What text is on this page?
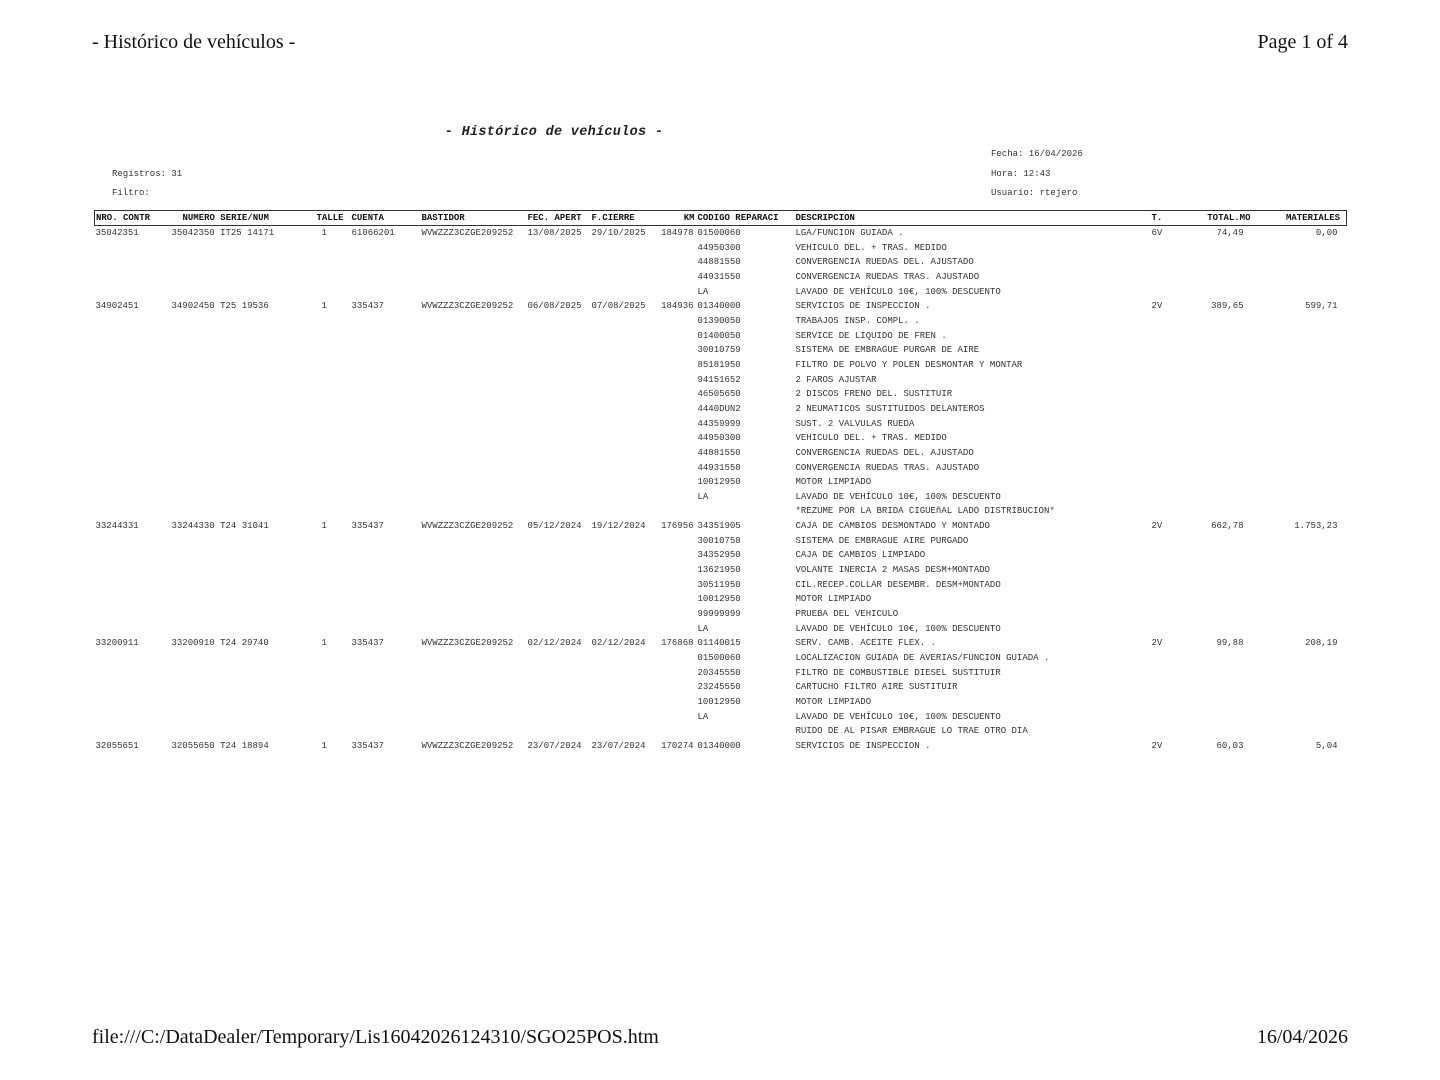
- Histórico de vehículos -	Page 1 of 4
- Histórico de vehículos -
Fecha: 16/04/2026
Registros: 31	Hora: 12:43
Filtro:	Usuario: rtejero
NRO. CONTR	NUMERO SERIE/NUM	TALLE	CUENTA	BASTIDOR	FEC. APERT	F.CIERRE	KM	CODIGO REPARACI	DESCRIPCION	T.	TOTAL.MO	MATERIALES
35042351	35042350 IT25 14171	1	61066201	WVWZZZ3CZGE209252	13/08/2025	29/10/2025	184978	01500060	LGA/FUNCION GUIADA .	6V	74,49	0,00
								44950300	VEHICULO DEL. + TRAS. MEDIDO			
								44881550	CONVERGENCIA RUEDAS DEL. AJUSTADO			
								44931550	CONVERGENCIA RUEDAS TRAS. AJUSTADO			
								LA	LAVADO DE VEHÍCULO 10€, 100% DESCUENTO			
34902451	34902450 T25 19536	1	335437	WVWZZZ3CZGE209252	06/08/2025	07/08/2025	184936	01340000	SERVICIOS DE INSPECCION .	2V	389,65	599,71
								01390050	TRABAJOS INSP. COMPL. .			
								01400050	SERVICE DE LIQUIDO DE FREN .			
								30010759	SISTEMA DE EMBRAGUE PURGAR DE AIRE			
								85181950	FILTRO DE POLVO Y POLEN DESMONTAR Y MONTAR			
								94151652	2 FAROS AJUSTAR			
								46505650	2 DISCOS FRENO DEL. SUSTITUIR			
								4440DUN2	2 NEUMATICOS SUSTITUIDOS DELANTEROS			
								44359999	SUST. 2 VALVULAS RUEDA			
								44950300	VEHICULO DEL. + TRAS. MEDIDO			
								44881550	CONVERGENCIA RUEDAS DEL. AJUSTADO			
								44931550	CONVERGENCIA RUEDAS TRAS. AJUSTADO			
								10012950	MOTOR LIMPIADO			
								LA	LAVADO DE VEHÍCULO 10€, 100% DESCUENTO			
									*REZUME POR LA BRIDA CIGUEñAL LADO DISTRIBUCION*			
33244331	33244330 T24 31041	1	335437	WVWZZZ3CZGE209252	05/12/2024	19/12/2024	176956	34351905	CAJA DE CAMBIOS DESMONTADO Y MONTADO	2V	662,78	1.753,23
								30010758	SISTEMA DE EMBRAGUE AIRE PURGADO			
								34352950	CAJA DE CAMBIOS LIMPIADO			
								13621950	VOLANTE INERCIA 2 MASAS DESM+MONTADO			
								30511950	CIL.RECEP.COLLAR DESEMBR. DESM+MONTADO			
								10012950	MOTOR LIMPIADO			
								99999999	PRUEBA DEL VEHICULO			
								LA	LAVADO DE VEHÍCULO 10€, 100% DESCUENTO			
33200911	33200910 T24 29740	1	335437	WVWZZZ3CZGE209252	02/12/2024	02/12/2024	176868	01140015	SERV. CAMB. ACEITE FLEX. .	2V	99,88	208,19
								01500060	LOCALIZACION GUIADA DE AVERIAS/FUNCION GUIADA .			
								20345550	FILTRO DE COMBUSTIBLE DIESEL SUSTITUIR			
								23245550	CARTUCHO FILTRO AIRE SUSTITUIR			
								10012950	MOTOR LIMPIADO			
								LA	LAVADO DE VEHÍCULO 10€, 100% DESCUENTO			
									RUIDO DE AL PISAR EMBRAGUE LO TRAE OTRO DIA			
32055651	32055650 T24 18894	1	335437	WVWZZZ3CZGE209252	23/07/2024	23/07/2024	170274	01340000	SERVICIOS DE INSPECCION .	2V	60,03	5,04
file:///C:/DataDealer/Temporary/Lis16042026124310/SGO25POS.htm	16/04/2026
